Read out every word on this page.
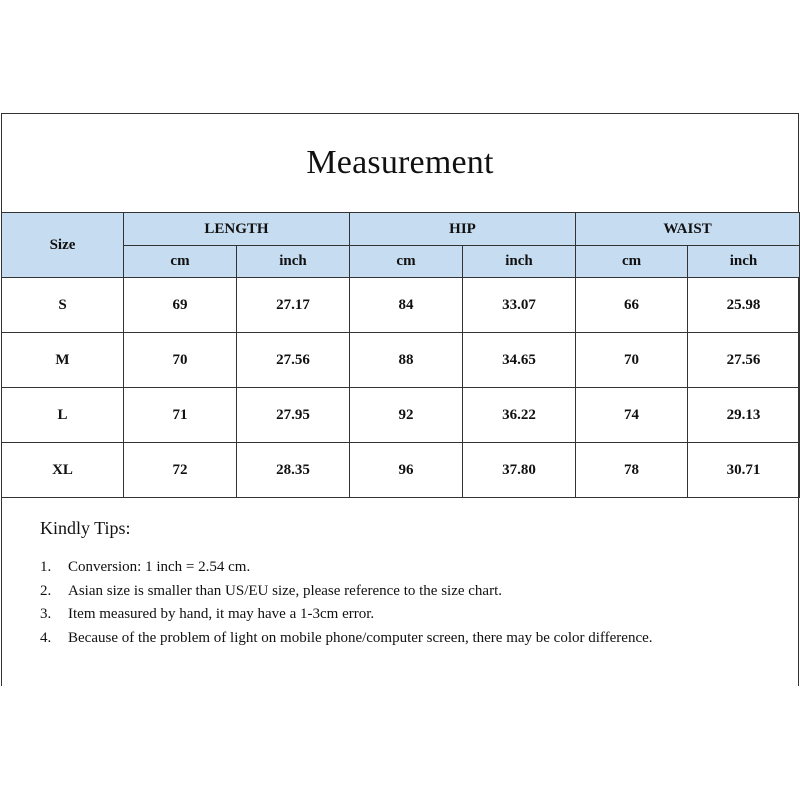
Measurement
Size	LENGTH		HIP		WAIST	
	cm	inch	cm	inch	cm	inch
S	69	27.17	84	33.07	66	25.98
M	70	27.56	88	34.65	70	27.56
L	71	27.95	92	36.22	74	29.13
XL	72	28.35	96	37.80	78	30.71
Kindly Tips:
1.	Conversion: 1 inch = 2.54 cm.
2.	Asian size is smaller than US/EU size, please reference to the size chart.
3.	Item measured by hand, it may have a 1-3cm error.
4.	Because of the problem of light on mobile phone/computer screen, there may be color difference.
